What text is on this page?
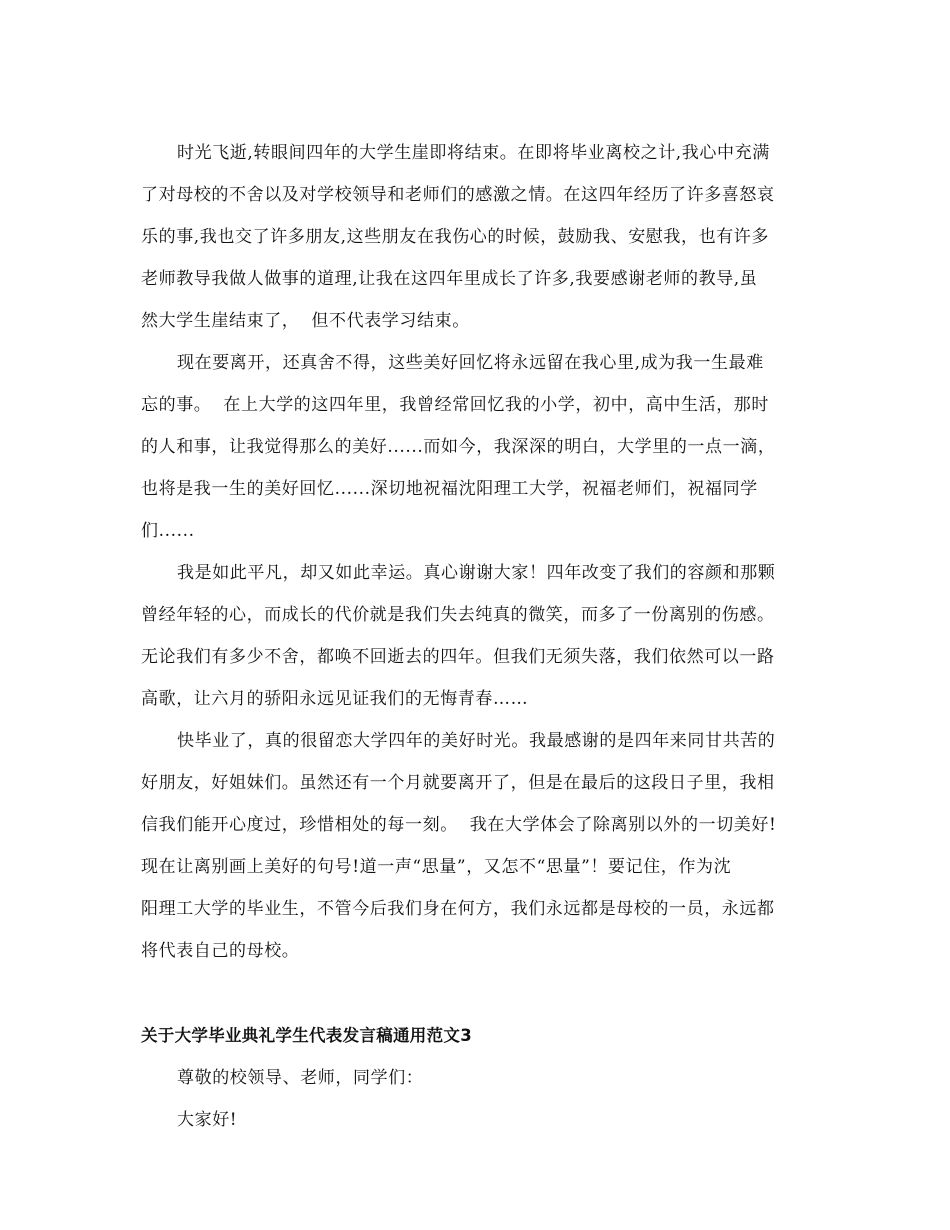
时光飞逝,转眼间四年的大学生崖即将结束。在即将毕业离校之计,我心中充满
了对母校的不舍以及对学校领导和老师们的感激之情。在这四年经历了许多喜怒哀
乐的事,我也交了许多朋友,这些朋友在我伤心的时候，鼓励我、安慰我，也有许多
老师教导我做人做事的道理,让我在这四年里成长了许多,我要感谢老师的教导,虽
然大学生崖结束了，  但不代表学习结束。
现在要离开，还真舍不得，这些美好回忆将永远留在我心里,成为我一生最难
忘的事。  在上大学的这四年里，我曾经常回忆我的小学，初中，高中生活，那时
的人和事，让我觉得那么的美好......而如今，我深深的明白，大学里的一点一滴，
也将是我一生的美好回忆......深切地祝福沈阳理工大学，祝福老师们，祝福同学
们......
我是如此平凡，却又如此幸运。真心谢谢大家！四年改变了我们的容颜和那颗
曾经年轻的心，而成长的代价就是我们失去纯真的微笑，而多了一份离别的伤感。
无论我们有多少不舍，都唤不回逝去的四年。但我们无须失落，我们依然可以一路
高歌，让六月的骄阳永远见证我们的无悔青春……
快毕业了，真的很留恋大学四年的美好时光。我最感谢的是四年来同甘共苦的
好朋友，好姐妹们。虽然还有一个月就要离开了，但是在最后的这段日子里，我相
信我们能开心度过，珍惜相处的每一刻。  我在大学体会了除离别以外的一切美好!
现在让离别画上美好的句号!道一声“思量”，又怎不“思量”！要记住，作为沈
阳理工大学的毕业生，不管今后我们身在何方，我们永远都是母校的一员，永远都
将代表自己的母校。
关于大学毕业典礼学生代表发言稿通用范文3
尊敬的校领导、老师，同学们：
大家好!
